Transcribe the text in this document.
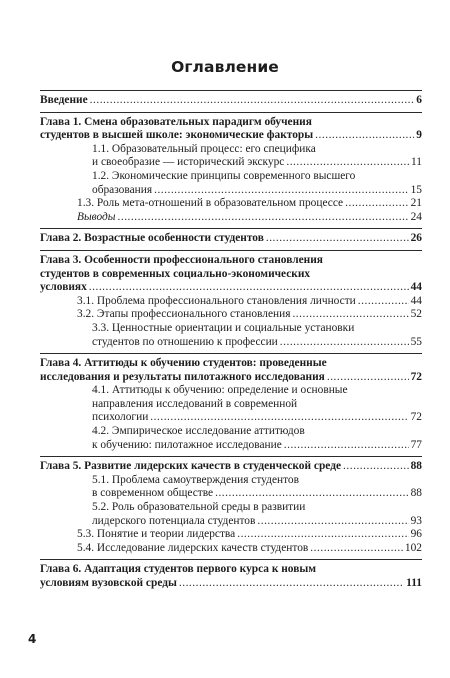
Оглавление
Введение .....	6
Глава 1. Смена образовательных парадигм обучения
студентов в высшей школе: экономические факторы .....	9
1.1. Образовательный процесс: его специфика
и своеобразие — исторический экскурс .....	11
1.2. Экономические принципы современного высшего
образования .....	15
1.3. Роль мета-отношений в образовательном процессе .....	21
Выводы .....	24
Глава 2. Возрастные особенности студентов .....	26
Глава 3. Особенности профессионального становления
студентов в современных социально-экономических
условиях .....	44
3.1. Проблема профессионального становления личности .....	44
3.2. Этапы профессионального становления .....	52
3.3. Ценностные ориентации и социальные установки
студентов по отношению к профессии .....	55
Глава 4. Аттитюды к обучению студентов: проведенные
исследования и результаты пилотажного исследования .....	72
4.1. Аттитюды к обучению: определение и основные
направления исследований в современной
психологии .....	72
4.2. Эмпирическое исследование аттитюдов
к обучению: пилотажное исследование .....	77
Глава 5. Развитие лидерских качеств в студенческой среде .....	88
5.1. Проблема самоутверждения студентов
в современном обществе .....	88
5.2. Роль образовательной среды в развитии
лидерского потенциала студентов .....	93
5.3. Понятие и теории лидерства .....	96
5.4. Исследование лидерских качеств студентов .....	102
Глава 6. Адаптация студентов первого курса к новым
условиям вузовской среды .....	111
4
